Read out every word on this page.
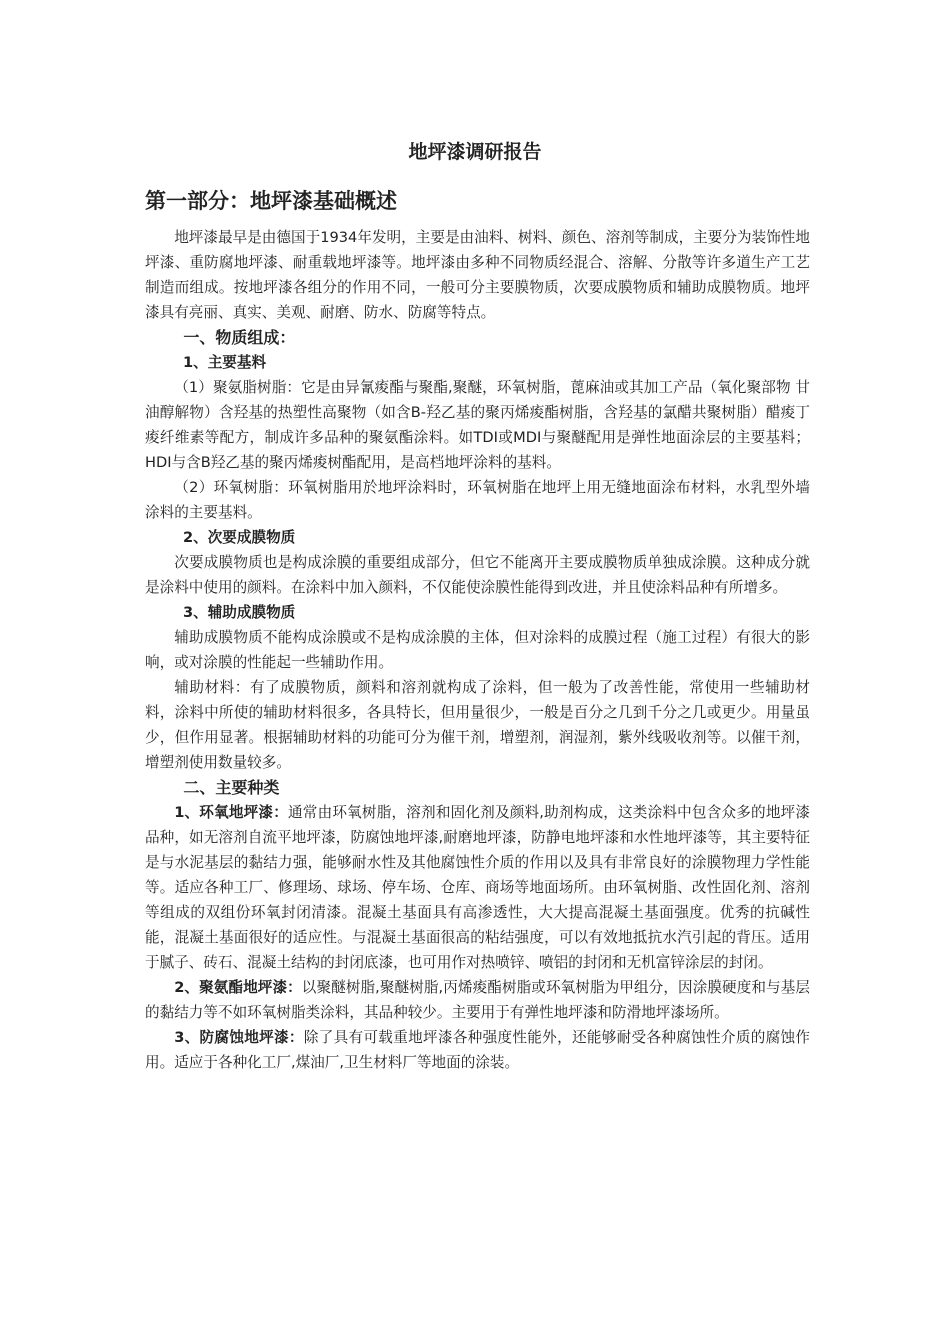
地坪漆调研报告
第一部分：地坪漆基础概述

地坪漆最早是由德国于1934年发明，主要是由油料、树料、颜色、溶剂等制成，主要分为装饰性地坪漆、重防腐地坪漆、耐重载地坪漆等。地坪漆由多种不同物质经混合、溶解、分散等许多道生产工艺制造而组成。按地坪漆各组分的作用不同，一般可分主要膜物质，次要成膜物质和辅助成膜物质。地坪漆具有亮丽、真实、美观、耐磨、防水、防腐等特点。

一、物质组成：

1、主要基料

（1）聚氨脂树脂：它是由异氰痠酯与聚酯,聚醚，环氧树脂，蓖麻油或其加工产品（氧化聚部物 甘油醇解物）含羟基的热塑性高聚物（如含B-羟乙基的聚丙烯痠酯树脂，含羟基的氯醋共聚树脂）醋痠丁痠纤维素等配方，制成许多品种的聚氨酯涂料。如TDI或MDI与聚醚配用是弹性地面涂层的主要基料；HDI与含B羟乙基的聚丙烯痠树酯配用，是高档地坪涂料的基料。

（2）环氧树脂：环氧树脂用於地坪涂料时，环氧树脂在地坪上用无缝地面涂布材料，水乳型外墙涂料的主要基料。

2、次要成膜物质

次要成膜物质也是构成涂膜的重要组成部分，但它不能离开主要成膜物质单独成涂膜。这种成分就是涂料中使用的颜料。在涂料中加入颜料，不仅能使涂膜性能得到改进，并且使涂料品种有所增多。

3、辅助成膜物质

辅助成膜物质不能构成涂膜或不是构成涂膜的主体，但对涂料的成膜过程（施工过程）有很大的影响，或对涂膜的性能起一些辅助作用。

辅助材料：有了成膜物质，颜料和溶剂就构成了涂料，但一般为了改善性能，常使用一些辅助材料，涂料中所使的辅助材料很多，各具特长，但用量很少，一般是百分之几到千分之几或更少。用量虽少，但作用显著。根据辅助材料的功能可分为催干剂，增塑剂，润湿剂，紫外线吸收剂等。以催干剂，增塑剂使用数量较多。

二、主要种类

1、环氧地坪漆：通常由环氧树脂，溶剂和固化剂及颜料,助剂构成，这类涂料中包含众多的地坪漆品种，如无溶剂自流平地坪漆，防腐蚀地坪漆,耐磨地坪漆，防静电地坪漆和水性地坪漆等，其主要特征是与水泥基层的黏结力强，能够耐水性及其他腐蚀性介质的作用以及具有非常良好的涂膜物理力学性能等。适应各种工厂、修理场、球场、停车场、仓库、商场等地面场所。由环氧树脂、改性固化剂、溶剂等组成的双组份环氧封闭清漆。混凝土基面具有高渗透性，大大提高混凝土基面强度。优秀的抗碱性能，混凝土基面很好的适应性。与混凝土基面很高的粘结强度，可以有效地抵抗水汽引起的背压。适用于腻子、砖石、混凝土结构的封闭底漆，也可用作对热喷锌、喷铝的封闭和无机富锌涂层的封闭。

2、聚氨酯地坪漆：以聚醚树脂,聚醚树脂,丙烯痠酯树脂或环氧树脂为甲组分，因涂膜硬度和与基层的黏结力等不如环氧树脂类涂料，其品种较少。主要用于有弹性地坪漆和防滑地坪漆场所。

3、防腐蚀地坪漆：除了具有可载重地坪漆各种强度性能外，还能够耐受各种腐蚀性介质的腐蚀作用。适应于各种化工厂,煤油厂,卫生材料厂等地面的涂装。
